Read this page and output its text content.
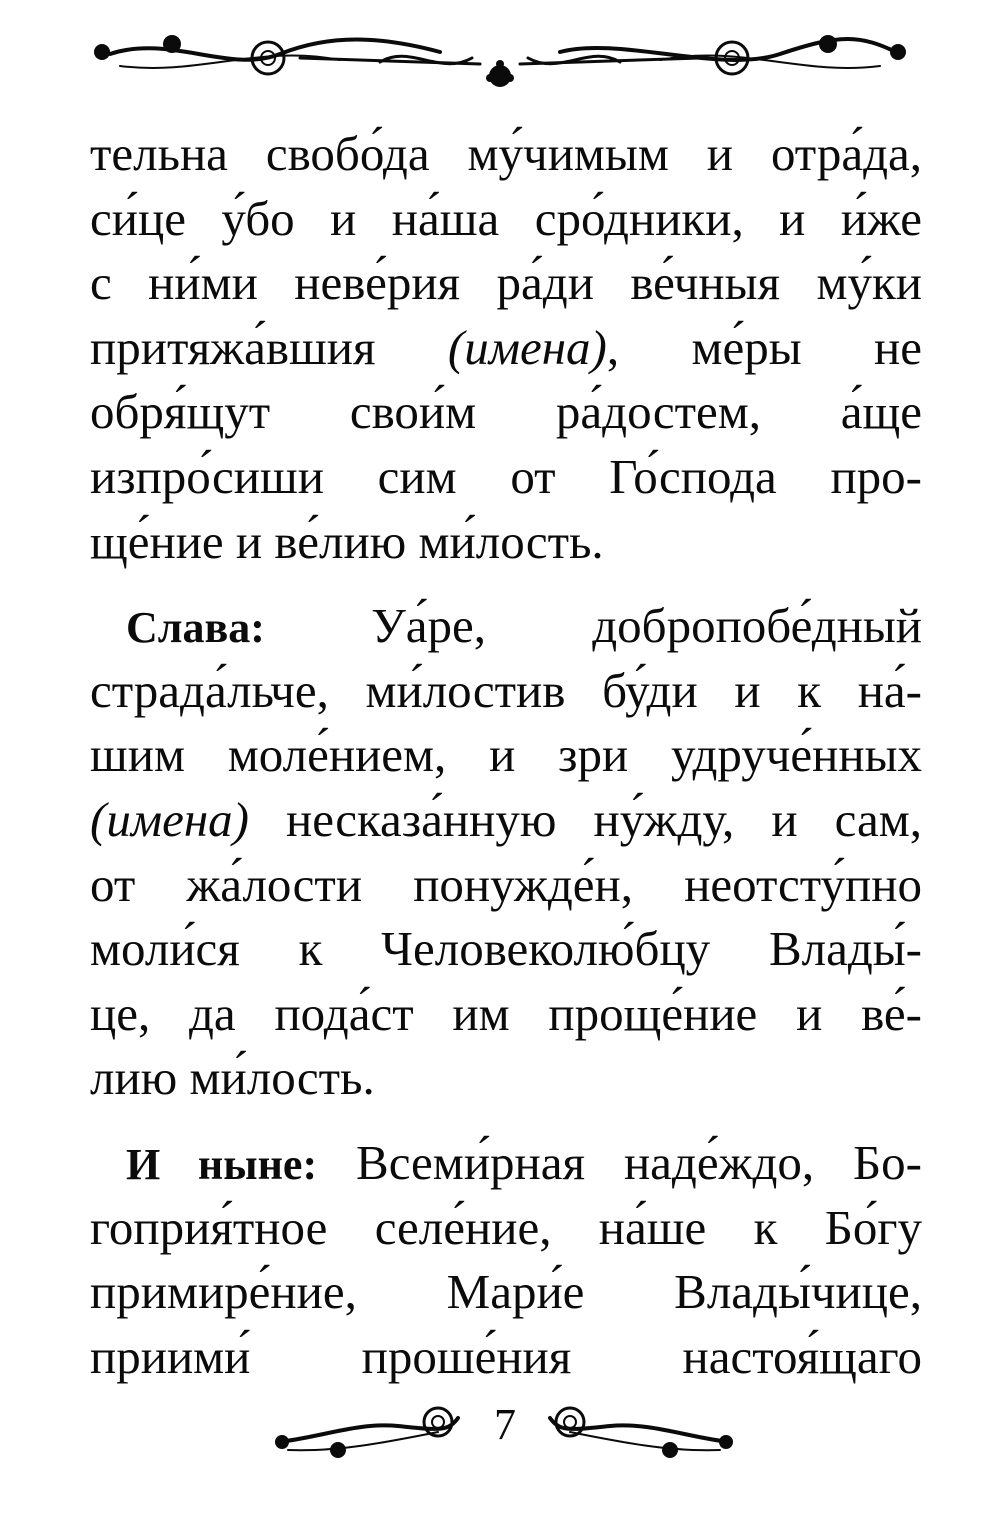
тельна свобо́да му́чимым и отра́да,
си́це у́бо и на́ша сро́дники, и и́же
с ни́ми неве́рия ра́ди ве́чныя му́ки
притяжа́вшия (имена), ме́ры не
обря́щут свои́м ра́достем, а́ще
изпро́сиши сим от Го́спода про-
ще́ние и ве́лию ми́лость.
Слава: Уа́ре, добропобе́дный
страда́льче, ми́лостив бу́ди и к на́-
шим моле́нием, и зри удруче́нных
(имена) несказа́нную ну́жду, и сам,
от жа́лости понужде́н, неотсту́пно
моли́ся к Человеколю́бцу Влады́-
це, да пода́ст им проще́ние и ве́-
лию ми́лость.
И ныне: Всеми́рная наде́ждо, Бо-
гоприя́тное селе́ние, на́ше к Бо́гу
примире́ние, Мари́е Влады́чице,
приими́ проше́ния настоя́щаго
7
